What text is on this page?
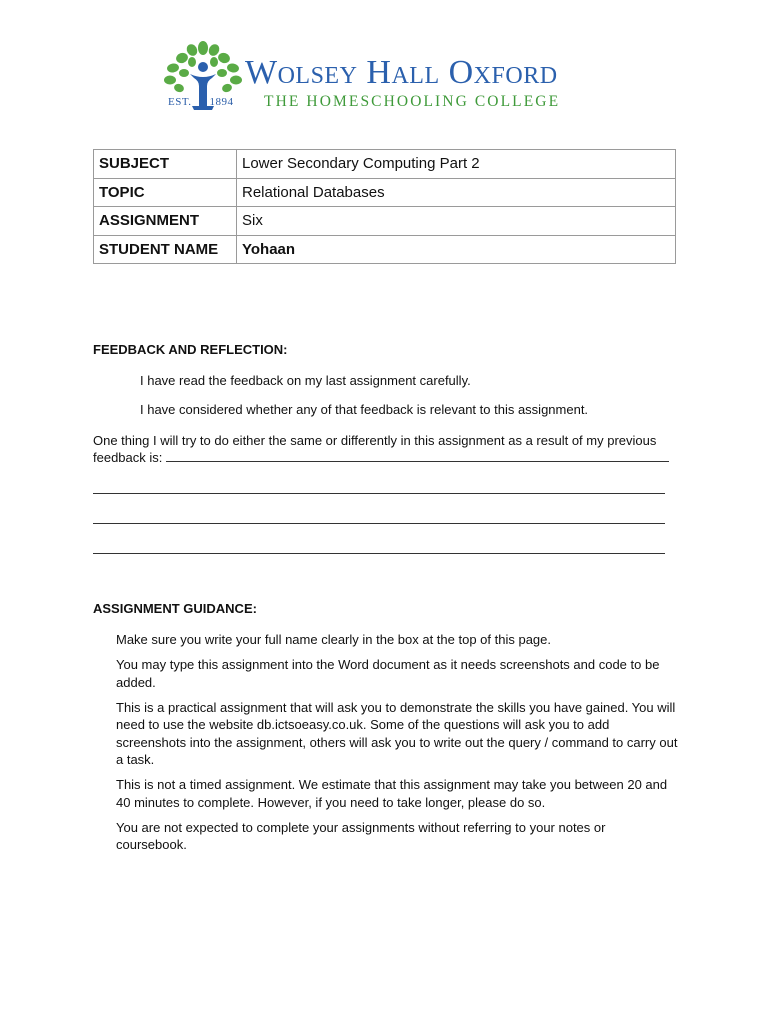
EST. 1894
Wolsey Hall Oxford
THE HOMESCHOOLING COLLEGE
SUBJECT	Lower Secondary Computing Part 2
TOPIC	Relational Databases
ASSIGNMENT	Six
STUDENT NAME	Yohaan
FEEDBACK AND REFLECTION:
I have read the feedback on my last assignment carefully.
I have considered whether any of that feedback is relevant to this assignment.
One thing I will try to do either the same or differently in this assignment as a result of my previous
feedback is:
ASSIGNMENT GUIDANCE:

Make sure you write your full name clearly in the box at the top of this page.

You may type this assignment into the Word document as it needs screenshots and code to be added.

This is a practical assignment that will ask you to demonstrate the skills you have gained. You will need to use the website db.ictsoeasy.co.uk. Some of the questions will ask you to add screenshots into the assignment, others will ask you to write out the query / command to carry out a task.

This is not a timed assignment. We estimate that this assignment may take you between 20 and 40 minutes to complete. However, if you need to take longer, please do so.

You are not expected to complete your assignments without referring to your notes or coursebook.
